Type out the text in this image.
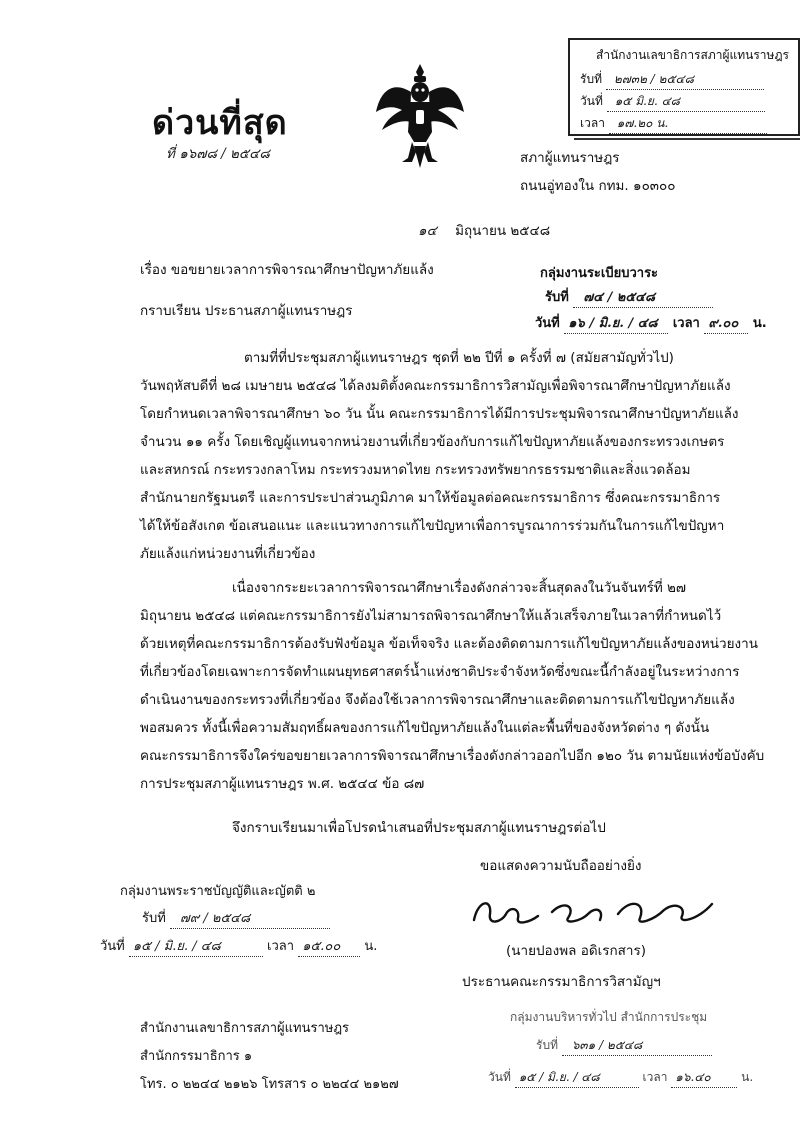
สำนักงานเลขาธิการสภาผู้แทนราษฎร
รับที่ ๒๗๓๒ / ๒๕๔๘
วันที่ ๑๕ มิ.ย. ๔๘
เวลา ๑๗.๒๐ น.
ด่วนที่สุด
ที่ ๑๖๗๘ / ๒๕๔๘	สภาผู้แทนราษฎร
ถนนอู่ทองใน กทม. ๑๐๓๐๐
๑๔ มิถุนายน ๒๕๔๘
เรื่อง ขอขยายเวลาการพิจารณาศึกษาปัญหาภัยแล้ง	กลุ่มงานระเบียบวาระ
รับที่ ๗๔ / ๒๕๔๘
วันที่ ๑๖ / มิ.ย. / ๔๘ เวลา ๙.๐๐ น.
กราบเรียน ประธานสภาผู้แทนราษฎร
ตามที่ที่ประชุมสภาผู้แทนราษฎร ชุดที่ ๒๒ ปีที่ ๑ ครั้งที่ ๗ (สมัยสามัญทั่วไป)
วันพฤหัสบดีที่ ๒๘ เมษายน ๒๕๔๘ ได้ลงมติตั้งคณะกรรมาธิการวิสามัญเพื่อพิจารณาศึกษาปัญหาภัยแล้ง
โดยกำหนดเวลาพิจารณาศึกษา ๖๐ วัน นั้น คณะกรรมาธิการได้มีการประชุมพิจารณาศึกษาปัญหาภัยแล้ง
จำนวน ๑๑ ครั้ง โดยเชิญผู้แทนจากหน่วยงานที่เกี่ยวข้องกับการแก้ไขปัญหาภัยแล้งของกระทรวงเกษตร
และสหกรณ์ กระทรวงกลาโหม กระทรวงมหาดไทย กระทรวงทรัพยากรธรรมชาติและสิ่งแวดล้อม
สำนักนายกรัฐมนตรี และการประปาส่วนภูมิภาค มาให้ข้อมูลต่อคณะกรรมาธิการ ซึ่งคณะกรรมาธิการ
ได้ให้ข้อสังเกต ข้อเสนอแนะ และแนวทางการแก้ไขปัญหาเพื่อการบูรณาการร่วมกันในการแก้ไขปัญหา
ภัยแล้งแก่หน่วยงานที่เกี่ยวข้อง
เนื่องจากระยะเวลาการพิจารณาศึกษาเรื่องดังกล่าวจะสิ้นสุดลงในวันจันทร์ที่ ๒๗
มิถุนายน ๒๕๔๘ แต่คณะกรรมาธิการยังไม่สามารถพิจารณาศึกษาให้แล้วเสร็จภายในเวลาที่กำหนดไว้
ด้วยเหตุที่คณะกรรมาธิการต้องรับฟังข้อมูล ข้อเท็จจริง และต้องติดตามการแก้ไขปัญหาภัยแล้งของหน่วยงาน
ที่เกี่ยวข้องโดยเฉพาะการจัดทำแผนยุทธศาสตร์น้ำแห่งชาติประจำจังหวัดซึ่งขณะนี้กำลังอยู่ในระหว่างการ
ดำเนินงานของกระทรวงที่เกี่ยวข้อง จึงต้องใช้เวลาการพิจารณาศึกษาและติดตามการแก้ไขปัญหาภัยแล้ง
พอสมควร ทั้งนี้เพื่อความสัมฤทธิ์ผลของการแก้ไขปัญหาภัยแล้งในแต่ละพื้นที่ของจังหวัดต่าง ๆ ดังนั้น
คณะกรรมาธิการจึงใคร่ขอขยายเวลาการพิจารณาศึกษาเรื่องดังกล่าวออกไปอีก ๑๒๐ วัน ตามนัยแห่งข้อบังคับ
การประชุมสภาผู้แทนราษฎร พ.ศ. ๒๕๔๔ ข้อ ๘๗
จึงกราบเรียนมาเพื่อโปรดนำเสนอที่ประชุมสภาผู้แทนราษฎรต่อไป
ขอแสดงความนับถืออย่างยิ่ง
(นายปองพล อดิเรกสาร)
ประธานคณะกรรมาธิการวิสามัญฯ
กลุ่มงานพระราชบัญญัติและญัตติ ๒
รับที่ ๗๙ / ๒๕๔๘
วันที่ ๑๕ / มิ.ย. / ๔๘	เวลา ๑๕.๐๐ น.
กลุ่มงานบริหารทั่วไป สำนักการประชุม
รับที่ ๖๓๑ / ๒๕๔๘
วันที่ ๑๕ / มิ.ย. / ๔๘	เวลา ๑๖.๔๐	น.
สำนักงานเลขาธิการสภาผู้แทนราษฎร
สำนักกรรมาธิการ ๑
โทร. ๐ ๒๒๔๔ ๒๑๒๖ โทรสาร ๐ ๒๒๔๔ ๒๑๒๗
